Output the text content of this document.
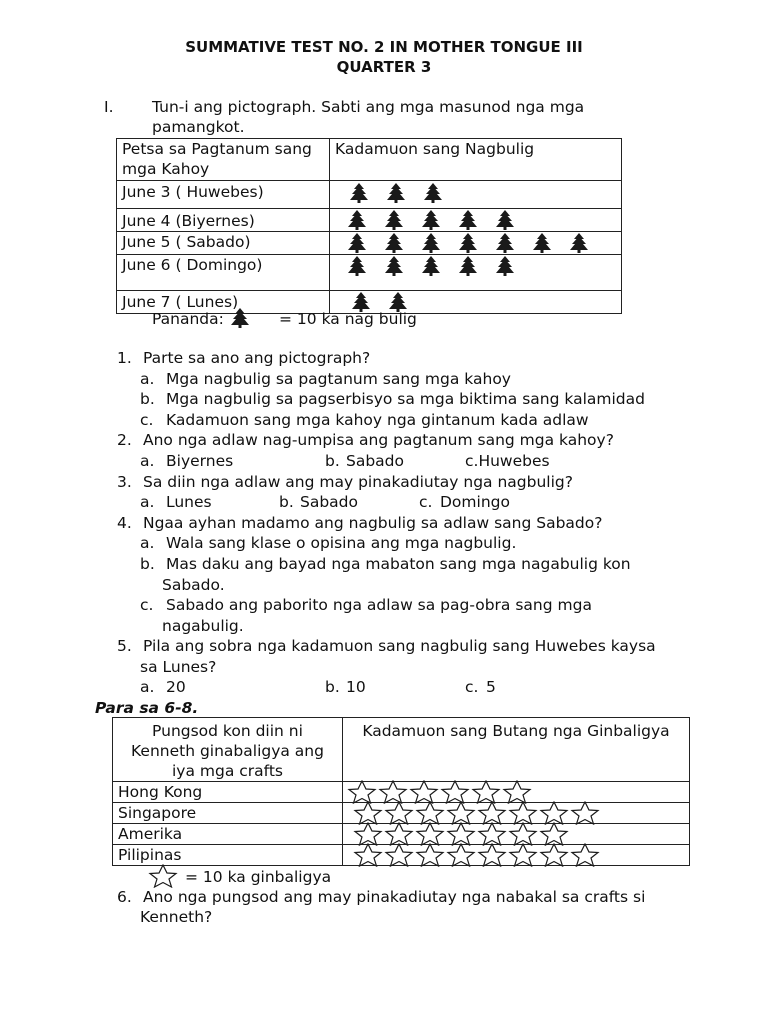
SUMMATIVE TEST NO. 2 IN MOTHER TONGUE III
QUARTER 3
I. Tun-i ang pictograph. Sabti ang mga masunod nga mga
pamangkot.
Petsa sa Pagtanum sang
mga Kahoy	Kadamuon sang Nagbulig
June 3 ( Huwebes)	

June 4 (Biyernes)	

June 5 ( Sabado)	

June 6 ( Domingo)	

June 7 ( Lunes)	
Pananda:	= 10 ka nag bulig
1. Parte sa ano ang pictograph?
a. Mga nagbulig sa pagtanum sang mga kahoy
b. Mga nagbulig sa pagserbisyo sa mga biktima sang kalamidad
c. Kadamuon sang mga kahoy nga gintanum kada adlaw
2. Ano nga adlaw nag-umpisa ang pagtanum sang mga kahoy?
a. Biyernes	b. Sabado	c.Huwebes
3. Sa diin nga adlaw ang may pinakadiutay nga nagbulig?
a. Lunes	b. Sabado	c. Domingo
4. Ngaa ayhan madamo ang nagbulig sa adlaw sang Sabado?
a. Wala sang klase o opisina ang mga nagbulig.
b. Mas daku ang bayad nga mabaton sang mga nagabulig kon
Sabado.
c. Sabado ang paborito nga adlaw sa pag-obra sang mga
nagabulig.
5. Pila ang sobra nga kadamuon sang nagbulig sang Huwebes kaysa
sa Lunes?
a. 20	b. 10	c. 5
Para sa 6-8.
Pungsod kon diin ni
Kenneth ginabaligya ang
iya mga crafts	Kadamuon sang Butang nga Ginbaligya
Hong Kong	

Singapore	

Amerika	

Pilipinas	
= 10 ka ginbaligya
6. Ano nga pungsod ang may pinakadiutay nga nabakal sa crafts si
Kenneth?
